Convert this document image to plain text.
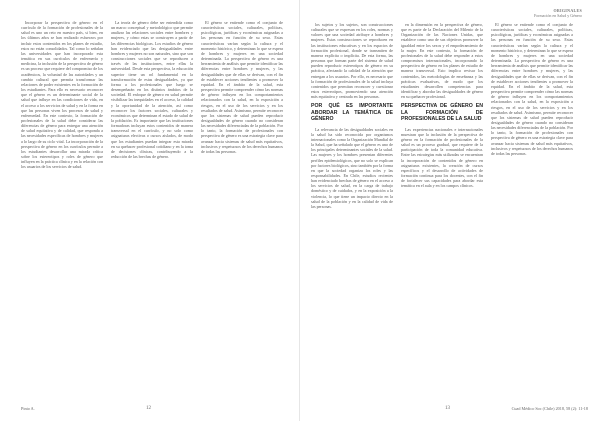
Incorporar la perspectiva de género en el currículo de la formación de profesionales de la salud es uno un reto en nuestro país, si bien, en los últimos años se han realizado esfuerzos por incluir estos contenidos en los planes de estudio, estos no están consolidados. Tal como lo señalan las universidades que han incorporado esta temática en sus currículos de enfermería y medicina, la inclusión de la perspectiva de género es un proceso que requiere del compromiso de los académicos, la voluntad de las autoridades y un cambio cultural que permita transformar las relaciones de poder existentes en la formación de los estudiantes. Para ello es necesario reconocer que el género es un determinante social de la salud que influye en las condiciones de vida, en el acceso a los servicios de salud y en la forma en que las personas viven los procesos de salud y enfermedad. En este contexto, la formación de profesionales de la salud debe considerar las diferencias de género para entregar una atención de salud equitativa y de calidad, que responda a las necesidades específicas de hombres y mujeres a lo largo de su ciclo vital. La incorporación de la perspectiva de género en los currículos permite a los estudiantes desarrollar una mirada crítica sobre los estereotipos y roles de género que influyen en la práctica clínica y en la relación con los usuarios de los servicios de salud.

La teoría de género debe ser entendida como un marco conceptual y metodológico que permite analizar las relaciones sociales entre hombres y mujeres, y cómo estas se construyen a partir de las diferencias biológicas. Los estudios de género han evidenciado que las desigualdades entre hombres y mujeres no son naturales, sino que son construcciones sociales que se reproducen a través de las instituciones, entre ellas la universidad. Desde esta perspectiva, la educación superior tiene un rol fundamental en la transformación de estas desigualdades, ya que forma a los profesionales que luego se desempeñarán en los distintos ámbitos de la sociedad. El enfoque de género en salud permite visibilizar las inequidades en el acceso, la calidad y la oportunidad de la atención, así como reconocer los factores sociales, culturales y económicos que determinan el estado de salud de la población. Es importante que las instituciones formadoras incluyan estos contenidos de manera transversal en el currículo, y no solo como asignaturas electivas o cursos aislados, de modo que los estudiantes puedan integrar esta mirada en su quehacer profesional cotidiano y en la toma de decisiones clínicas, contribuyendo a la reducción de las brechas de género.

El género se entiende como el conjunto de características sociales, culturales, políticas, psicológicas, jurídicas y económicas asignadas a las personas en función de su sexo. Estas características varían según la cultura y el momento histórico, y determinan lo que se espera de hombres y mujeres en una sociedad determinada. La perspectiva de género es una herramienta de análisis que permite identificar las diferencias entre hombres y mujeres, y las desigualdades que de ellas se derivan, con el fin de establecer acciones tendientes a promover la equidad. En el ámbito de la salud, esta perspectiva permite comprender cómo las normas de género influyen en los comportamientos relacionados con la salud, en la exposición a riesgos, en el uso de los servicios y en los resultados de salud. Asimismo, permite reconocer que los sistemas de salud pueden reproducir desigualdades de género cuando no consideran las necesidades diferenciadas de la población. Por lo tanto, la formación de profesionales con perspectiva de género es una estrategia clave para avanzar hacia sistemas de salud más equitativos, inclusivos y respetuosos de los derechos humanos de todas las personas.

Pinto A.	12
ORIGINALES
Formación en Salud y Género

los sujetos y los sujetos, son construcciones culturales que se expresan en los roles, normas y valores que una sociedad atribuye a hombres y mujeres. Estas construcciones se reproducen en las instituciones educativas y en los espacios de formación profesional, donde se transmiten de manera explícita o implícita. De esta forma, las personas que forman parte del sistema de salud pueden reproducir estereotipos de género en su práctica, afectando la calidad de la atención que entregan a los usuarios. Por ello, es necesario que la formación de profesionales de la salud incluya contenidos que permitan reconocer y cuestionar estos estereotipos, promoviendo una atención más equitativa y centrada en las personas.

POR QUÉ ES IMPORTANTE ABORDAR LA TEMÁTICA DE GÉNERO

La relevancia de las desigualdades sociales en la salud ha sido reconocida por organismos internacionales como la Organización Mundial de la Salud, que ha señalado que el género es uno de los principales determinantes sociales de la salud. Las mujeres y los hombres presentan diferentes perfiles epidemiológicos, que no solo se explican por factores biológicos, sino también por la forma en que la sociedad organiza los roles y las responsabilidades. En Chile, estudios recientes han evidenciado brechas de género en el acceso a los servicios de salud, en la carga de trabajo doméstico y de cuidados, y en la exposición a la violencia, lo que tiene un impacto directo en la salud de la población y en la calidad de vida de las personas.

en la dimensión en la perspectiva de género, que es parte de la Declaración del Milenio de la Organización de las Naciones Unidas, que establece como uno de sus objetivos promover la igualdad entre los sexos y el empoderamiento de la mujer. En este contexto, la formación de profesionales de la salud debe responder a estos compromisos internacionales, incorporando la perspectiva de género en los planes de estudio de manera transversal. Esto implica revisar los contenidos, las metodologías de enseñanza y las prácticas evaluativas, de modo que los estudiantes desarrollen competencias para identificar y abordar las desigualdades de género en su quehacer profesional.

PERSPECTIVA DE GÉNERO EN LA FORMACIÓN DE PROFESIONALES DE LA SALUD

Las experiencias nacionales e internacionales muestran que la inclusión de la perspectiva de género en la formación de profesionales de la salud es un proceso gradual, que requiere de la participación de toda la comunidad educativa. Entre las estrategias más utilizadas se encuentran la incorporación de contenidos de género en asignaturas existentes, la creación de cursos específicos y el desarrollo de actividades de formación continua para los docentes, con el fin de fortalecer sus capacidades para abordar esta temática en el aula y en los campos clínicos.

El género se entiende como el conjunto de características sociales, culturales, políticas, psicológicas, jurídicas y económicas asignadas a las personas en función de su sexo. Estas características varían según la cultura y el momento histórico, y determinan lo que se espera de hombres y mujeres en una sociedad determinada. La perspectiva de género es una herramienta de análisis que permite identificar las diferencias entre hombres y mujeres, y las desigualdades que de ellas se derivan, con el fin de establecer acciones tendientes a promover la equidad. En el ámbito de la salud, esta perspectiva permite comprender cómo las normas de género influyen en los comportamientos relacionados con la salud, en la exposición a riesgos, en el uso de los servicios y en los resultados de salud. Asimismo, permite reconocer que los sistemas de salud pueden reproducir desigualdades de género cuando no consideran las necesidades diferenciadas de la población. Por lo tanto, la formación de profesionales con perspectiva de género es una estrategia clave para avanzar hacia sistemas de salud más equitativos, inclusivos y respetuosos de los derechos humanos de todas las personas.

13	Cuad Médico Soc (Chile) 2018, 58 (2): 11-18
